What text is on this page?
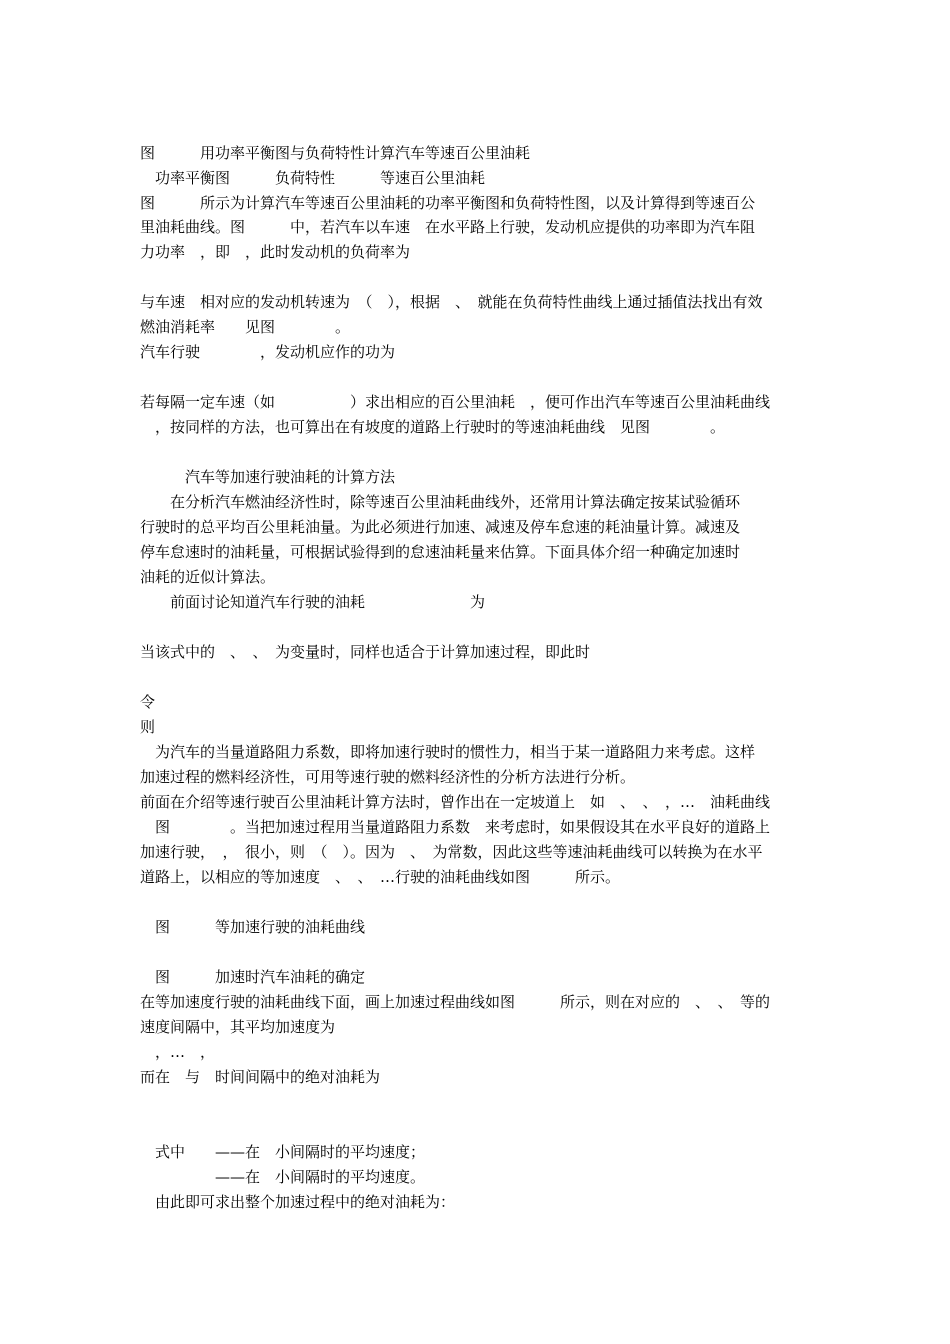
图　　　用功率平衡图与负荷特性计算汽车等速百公里油耗
　功率平衡图　　　负荷特性　　　等速百公里油耗
图　　　所示为计算汽车等速百公里油耗的功率平衡图和负荷特性图，以及计算得到等速百公
里油耗曲线。图　　　中，若汽车以车速　在水平路上行驶，发动机应提供的功率即为汽车阻
力功率　，即　，此时发动机的负荷率为
与车速　相对应的发动机转速为　（　），根据　、　就能在负荷特性曲线上通过插值法找出有效
燃油消耗率　　见图　　　　。
汽车行驶　　　　，发动机应作的功为
若每隔一定车速（如　　　　　）求出相应的百公里油耗　，便可作出汽车等速百公里油耗曲线
　，按同样的方法，也可算出在有坡度的道路上行驶时的等速油耗曲线　见图　　　　。
　　　汽车等加速行驶油耗的计算方法
　　在分析汽车燃油经济性时，除等速百公里油耗曲线外，还常用计算法确定按某试验循环
行驶时的总平均百公里耗油量。为此必须进行加速、减速及停车怠速的耗油量计算。减速及
停车怠速时的油耗量，可根据试验得到的怠速油耗量来估算。下面具体介绍一种确定加速时
油耗的近似计算法。
　　前面讨论知道汽车行驶的油耗　　　　　　　为
当该式中的　、　、　为变量时，同样也适合于计算加速过程，即此时
令
则
　为汽车的当量道路阻力系数，即将加速行驶时的惯性力，相当于某一道路阻力来考虑。这样
加速过程的燃料经济性，可用等速行驶的燃料经济性的分析方法进行分析。
前面在介绍等速行驶百公里油耗计算方法时，曾作出在一定坡道上　如　、　、　，…　油耗曲线
　图　　　　。当把加速过程用当量道路阻力系数　来考虑时，如果假设其在水平良好的道路上
加速行驶，　，　很小，则　（　）。因为　、　为常数，因此这些等速油耗曲线可以转换为在水平
道路上，以相应的等加速度　、　、　…行驶的油耗曲线如图　　　所示。
　图　　　等加速行驶的油耗曲线
　图　　　加速时汽车油耗的确定
在等加速度行驶的油耗曲线下面，画上加速过程曲线如图　　　所示，则在对应的　、　、　等的
速度间隔中，其平均加速度为
　，…　，
而在　与　时间间隔中的绝对油耗为
　式中　　——在　小间隔时的平均速度；
　　　　　——在　小间隔时的平均速度。
　由此即可求出整个加速过程中的绝对油耗为：
